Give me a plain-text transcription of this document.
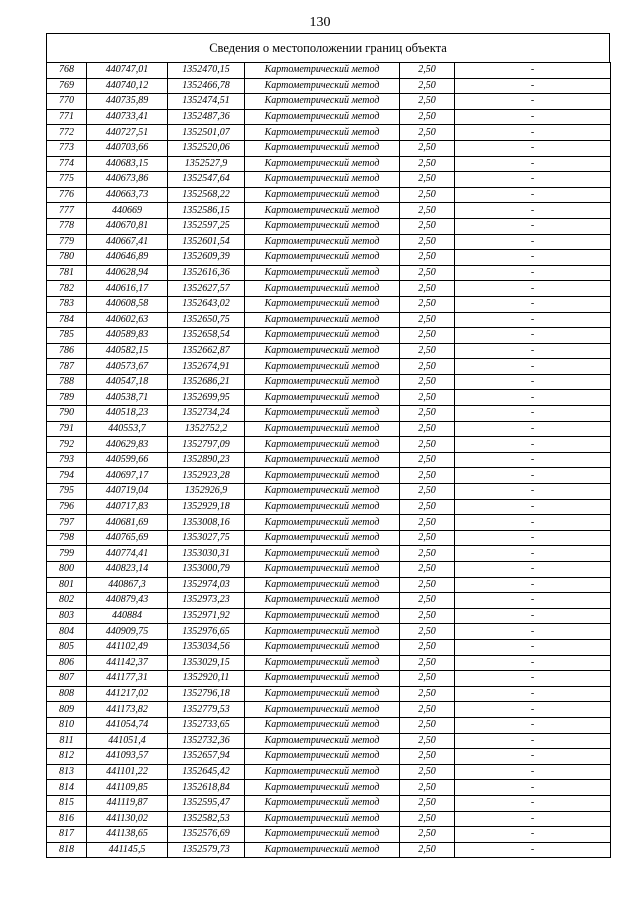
130
Сведения о местоположении границ объекта
768	440747,01	1352470,15	Картометрический метод	2,50	-
769	440740,12	1352466,78	Картометрический метод	2,50	-
770	440735,89	1352474,51	Картометрический метод	2,50	-
771	440733,41	1352487,36	Картометрический метод	2,50	-
772	440727,51	1352501,07	Картометрический метод	2,50	-
773	440703,66	1352520,06	Картометрический метод	2,50	-
774	440683,15	1352527,9	Картометрический метод	2,50	-
775	440673,86	1352547,64	Картометрический метод	2,50	-
776	440663,73	1352568,22	Картометрический метод	2,50	-
777	440669	1352586,15	Картометрический метод	2,50	-
778	440670,81	1352597,25	Картометрический метод	2,50	-
779	440667,41	1352601,54	Картометрический метод	2,50	-
780	440646,89	1352609,39	Картометрический метод	2,50	-
781	440628,94	1352616,36	Картометрический метод	2,50	-
782	440616,17	1352627,57	Картометрический метод	2,50	-
783	440608,58	1352643,02	Картометрический метод	2,50	-
784	440602,63	1352650,75	Картометрический метод	2,50	-
785	440589,83	1352658,54	Картометрический метод	2,50	-
786	440582,15	1352662,87	Картометрический метод	2,50	-
787	440573,67	1352674,91	Картометрический метод	2,50	-
788	440547,18	1352686,21	Картометрический метод	2,50	-
789	440538,71	1352699,95	Картометрический метод	2,50	-
790	440518,23	1352734,24	Картометрический метод	2,50	-
791	440553,7	1352752,2	Картометрический метод	2,50	-
792	440629,83	1352797,09	Картометрический метод	2,50	-
793	440599,66	1352890,23	Картометрический метод	2,50	-
794	440697,17	1352923,28	Картометрический метод	2,50	-
795	440719,04	1352926,9	Картометрический метод	2,50	-
796	440717,83	1352929,18	Картометрический метод	2,50	-
797	440681,69	1353008,16	Картометрический метод	2,50	-
798	440765,69	1353027,75	Картометрический метод	2,50	-
799	440774,41	1353030,31	Картометрический метод	2,50	-
800	440823,14	1353000,79	Картометрический метод	2,50	-
801	440867,3	1352974,03	Картометрический метод	2,50	-
802	440879,43	1352973,23	Картометрический метод	2,50	-
803	440884	1352971,92	Картометрический метод	2,50	-
804	440909,75	1352976,65	Картометрический метод	2,50	-
805	441102,49	1353034,56	Картометрический метод	2,50	-
806	441142,37	1353029,15	Картометрический метод	2,50	-
807	441177,31	1352920,11	Картометрический метод	2,50	-
808	441217,02	1352796,18	Картометрический метод	2,50	-
809	441173,82	1352779,53	Картометрический метод	2,50	-
810	441054,74	1352733,65	Картометрический метод	2,50	-
811	441051,4	1352732,36	Картометрический метод	2,50	-
812	441093,57	1352657,94	Картометрический метод	2,50	-
813	441101,22	1352645,42	Картометрический метод	2,50	-
814	441109,85	1352618,84	Картометрический метод	2,50	-
815	441119,87	1352595,47	Картометрический метод	2,50	-
816	441130,02	1352582,53	Картометрический метод	2,50	-
817	441138,65	1352576,69	Картометрический метод	2,50	-
818	441145,5	1352579,73	Картометрический метод	2,50	-
